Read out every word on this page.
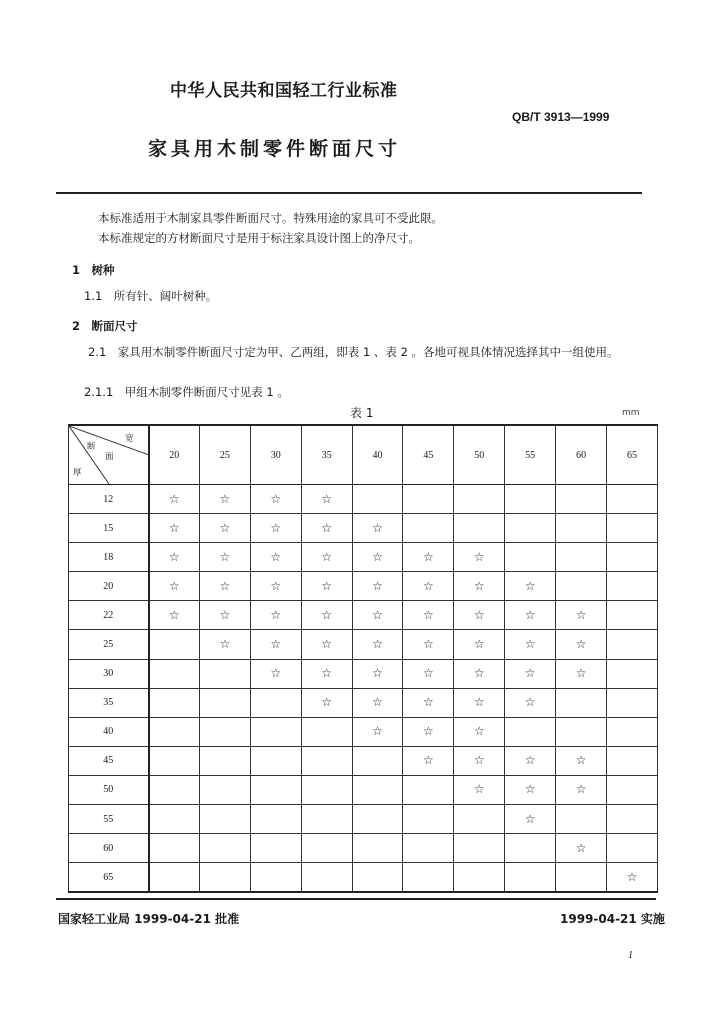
中华人民共和国轻工行业标准
QB/T 3913—1999
家具用木制零件断面尺寸
本标准适用于木制家具零件断面尺寸。特殊用途的家具可不受此限。
本标准规定的方材断面尺寸是用于标注家具设计图上的净尺寸。
1　树种
1.1　所有针、阔叶树种。
2　断面尺寸
2.1　家具用木制零件断面尺寸定为甲、乙两组，即表 1 、表 2 。各地可视具体情况选择其中一组使用。
2.1.1　甲组木制零件断面尺寸见表 1 。
表 1	mm
宽
断
面
厚	20	25	30	35	40	45	50	55	60	65
12	☆	☆	☆	☆						
15	☆	☆	☆	☆	☆					
18	☆	☆	☆	☆	☆	☆	☆			
20	☆	☆	☆	☆	☆	☆	☆	☆		
22	☆	☆	☆	☆	☆	☆	☆	☆	☆	
25		☆	☆	☆	☆	☆	☆	☆	☆	
30			☆	☆	☆	☆	☆	☆	☆	
35				☆	☆	☆	☆	☆		
40					☆	☆	☆			
45						☆	☆	☆	☆	
50							☆	☆	☆	
55								☆		
60									☆	
65										☆
国家轻工业局 1999-04-21 批准	1999-04-21 实施
1
